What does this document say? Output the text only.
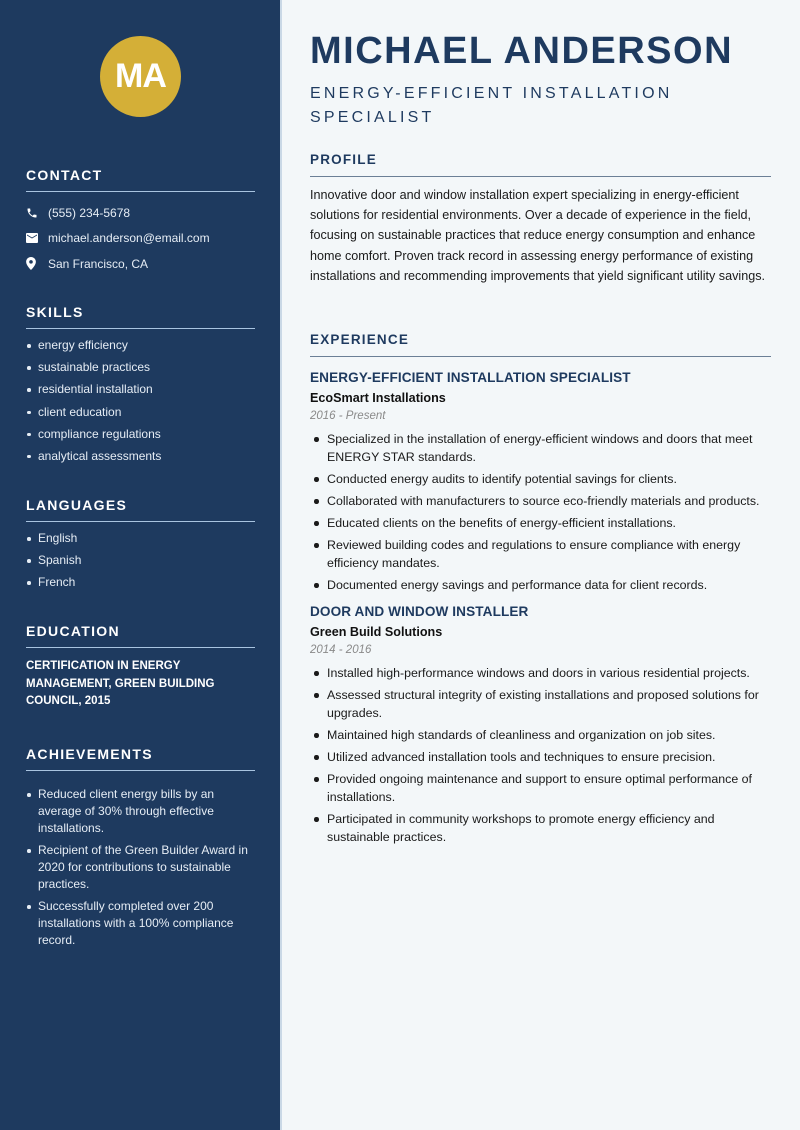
MA
CONTACT
(555) 234-5678
michael.anderson@email.com
San Francisco, CA
SKILLS
energy efficiency
sustainable practices
residential installation
client education
compliance regulations
analytical assessments
LANGUAGES
English
Spanish
French
EDUCATION
CERTIFICATION IN ENERGY MANAGEMENT, GREEN BUILDING COUNCIL, 2015
ACHIEVEMENTS
Reduced client energy bills by an average of 30% through effective installations.
Recipient of the Green Builder Award in 2020 for contributions to sustainable practices.
Successfully completed over 200 installations with a 100% compliance record.
MICHAEL ANDERSON
ENERGY-EFFICIENT INSTALLATION SPECIALIST
PROFILE

Innovative door and window installation expert specializing in energy-efficient solutions for residential environments. Over a decade of experience in the field, focusing on sustainable practices that reduce energy consumption and enhance home comfort. Proven track record in assessing energy performance of existing installations and recommending improvements that yield significant utility savings.

EXPERIENCE
ENERGY-EFFICIENT INSTALLATION SPECIALIST
EcoSmart Installations
2016 - Present
Specialized in the installation of energy-efficient windows and doors that meet ENERGY STAR standards.
Conducted energy audits to identify potential savings for clients.
Collaborated with manufacturers to source eco-friendly materials and products.
Educated clients on the benefits of energy-efficient installations.
Reviewed building codes and regulations to ensure compliance with energy efficiency mandates.
Documented energy savings and performance data for client records.
DOOR AND WINDOW INSTALLER
Green Build Solutions
2014 - 2016
Installed high-performance windows and doors in various residential projects.
Assessed structural integrity of existing installations and proposed solutions for upgrades.
Maintained high standards of cleanliness and organization on job sites.
Utilized advanced installation tools and techniques to ensure precision.
Provided ongoing maintenance and support to ensure optimal performance of installations.
Participated in community workshops to promote energy efficiency and sustainable practices.
